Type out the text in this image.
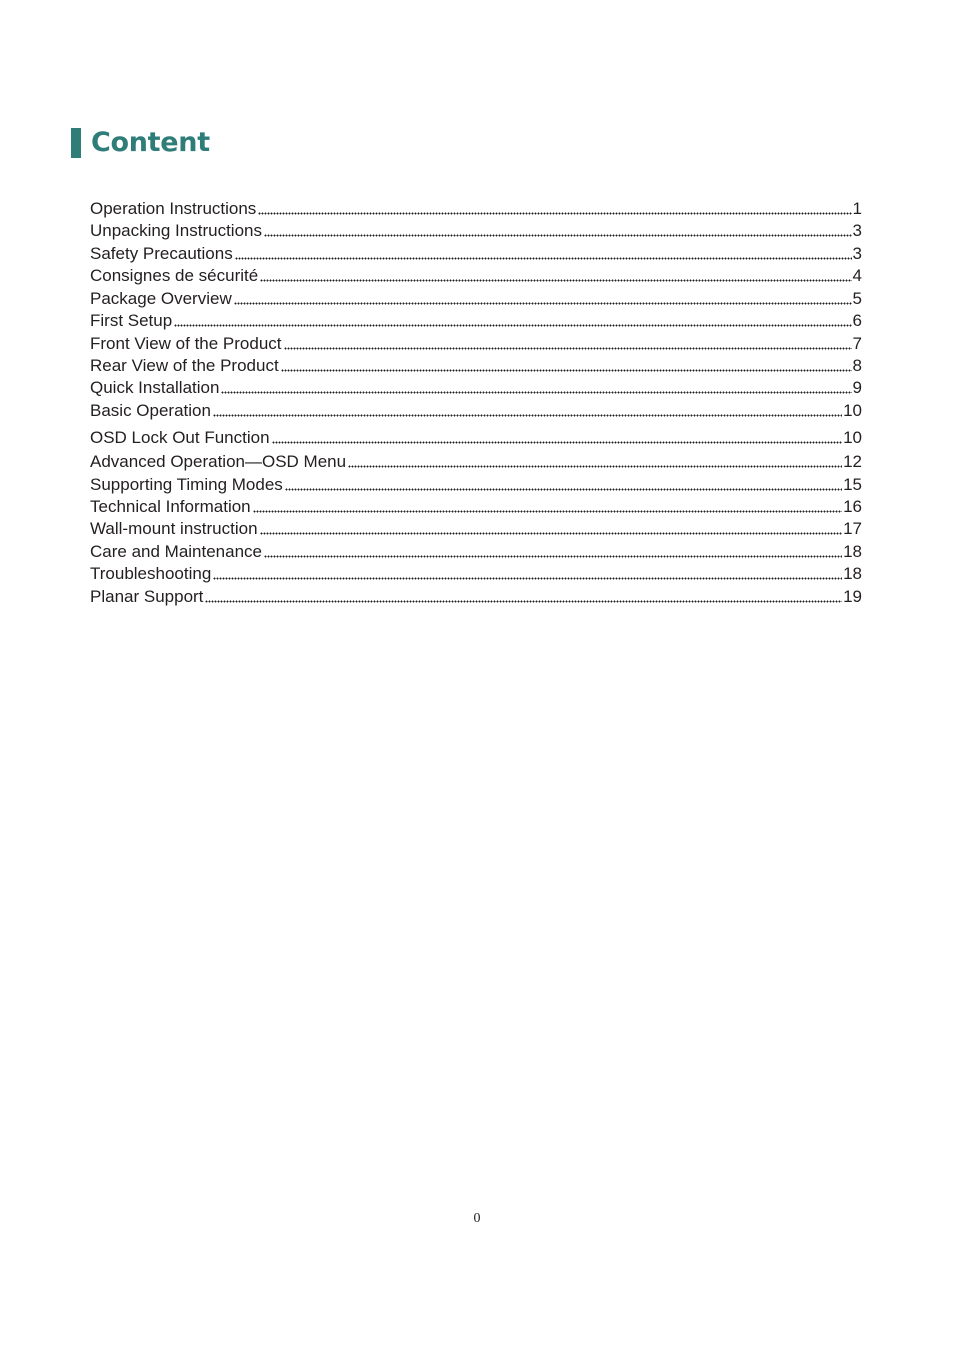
Content
Operation Instructions	1
Unpacking Instructions	3
Safety Precautions	3
Consignes de sécurité	4
Package Overview	5
First Setup	6
Front View of the Product	7
Rear View of the Product	8
Quick Installation	9
Basic Operation	10
OSD Lock Out Function	10
Advanced Operation—OSD Menu	12
Supporting Timing Modes	15
Technical Information	16
Wall-mount instruction	17
Care and Maintenance	18
Troubleshooting	18
Planar Support	19
0
